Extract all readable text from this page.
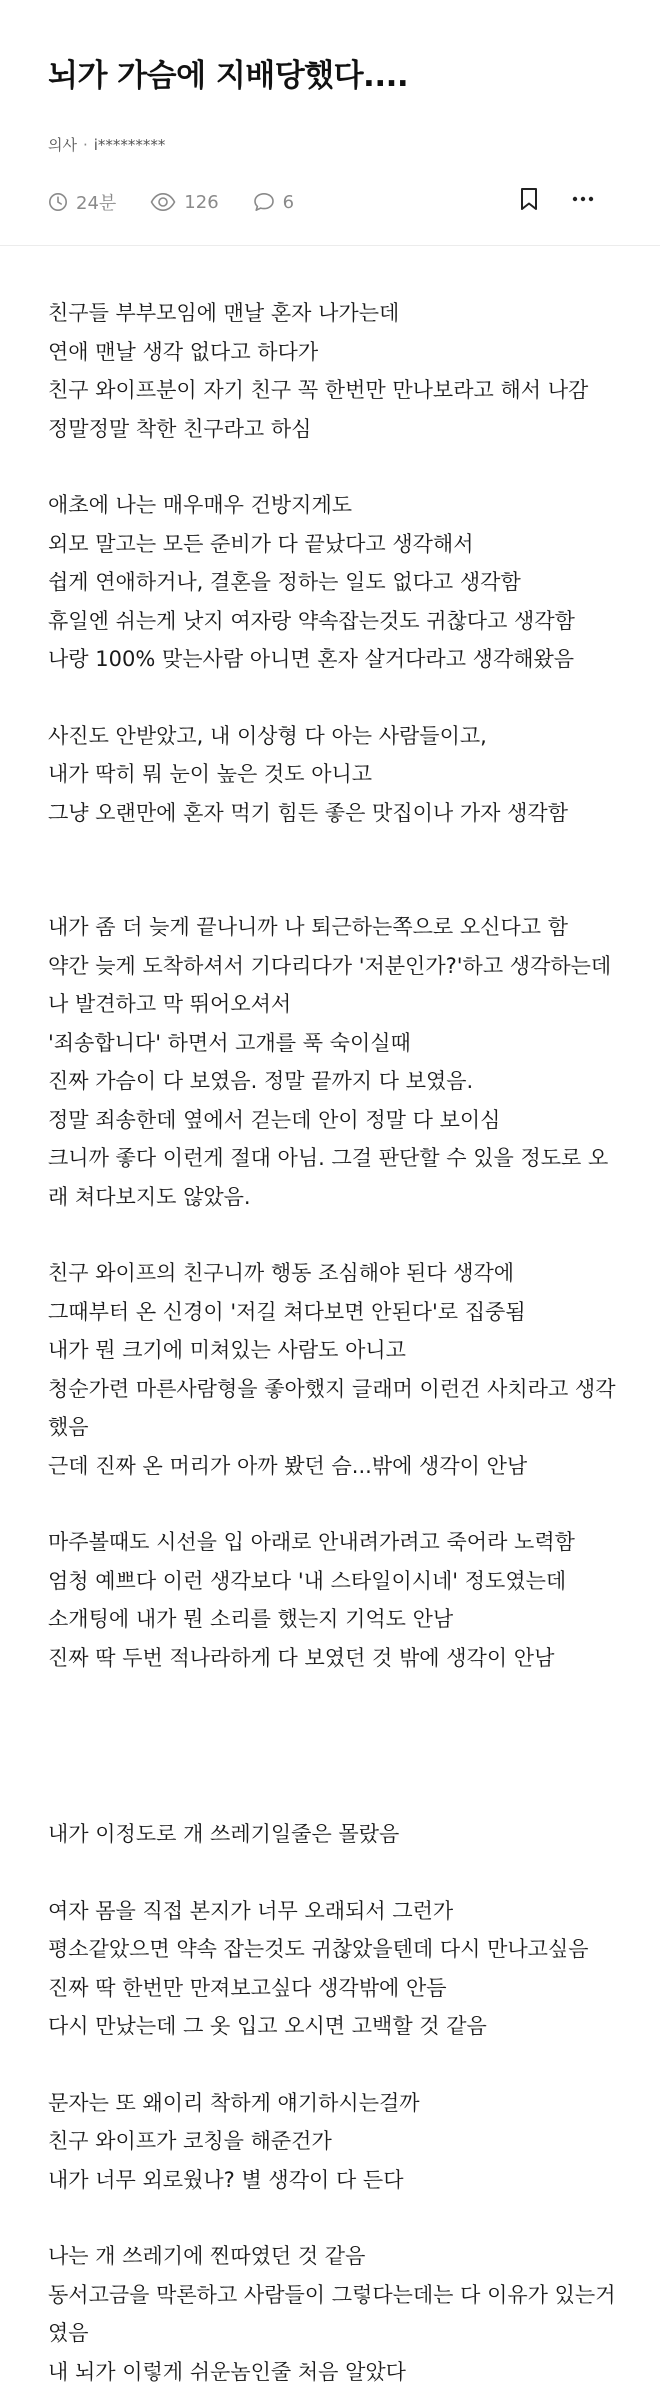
뇌가 가슴에 지배당했다....
의사 · i*********
24분	126	6
친구들 부부모임에 맨날 혼자 나가는데
연애 맨날 생각 없다고 하다가
친구 와이프분이 자기 친구 꼭 한번만 만나보라고 해서 나감
정말정말 착한 친구라고 하심
애초에 나는 매우매우 건방지게도
외모 말고는 모든 준비가 다 끝났다고 생각해서
쉽게 연애하거나, 결혼을 정하는 일도 없다고 생각함
휴일엔 쉬는게 낫지 여자랑 약속잡는것도 귀찮다고 생각함
나랑 100% 맞는사람 아니면 혼자 살거다라고 생각해왔음
사진도 안받았고, 내 이상형 다 아는 사람들이고,
내가 딱히 뭐 눈이 높은 것도 아니고
그냥 오랜만에 혼자 먹기 힘든 좋은 맛집이나 가자 생각함
내가 좀 더 늦게 끝나니까 나 퇴근하는쪽으로 오신다고 함
약간 늦게 도착하셔서 기다리다가 '저분인가?'하고 생각하는데
나 발견하고 막 뛰어오셔서
'죄송합니다' 하면서 고개를 푹 숙이실때
진짜 가슴이 다 보였음. 정말 끝까지 다 보였음.
정말 죄송한데 옆에서 걷는데 안이 정말 다 보이심
크니까 좋다 이런게 절대 아님. 그걸 판단할 수 있을 정도로 오
래 쳐다보지도 않았음.
친구 와이프의 친구니까 행동 조심해야 된다 생각에
그때부터 온 신경이 '저길 쳐다보면 안된다'로 집중됨
내가 뭔 크기에 미쳐있는 사람도 아니고
청순가련 마른사람형을 좋아했지 글래머 이런건 사치라고 생각
했음
근데 진짜 온 머리가 아까 봤던 슴...밖에 생각이 안남
마주볼때도 시선을 입 아래로 안내려가려고 죽어라 노력함
엄청 예쁘다 이런 생각보다 '내 스타일이시네' 정도였는데
소개팅에 내가 뭔 소리를 했는지 기억도 안남
진짜 딱 두번 적나라하게 다 보였던 것 밖에 생각이 안남
내가 이정도로 개 쓰레기일줄은 몰랐음
여자 몸을 직접 본지가 너무 오래되서 그런가
평소같았으면 약속 잡는것도 귀찮았을텐데 다시 만나고싶음
진짜 딱 한번만 만져보고싶다 생각밖에 안듬
다시 만났는데 그 옷 입고 오시면 고백할 것 같음
문자는 또 왜이리 착하게 얘기하시는걸까
친구 와이프가 코칭을 해준건가
내가 너무 외로웠나? 별 생각이 다 든다
나는 개 쓰레기에 찐따였던 것 같음
동서고금을 막론하고 사람들이 그렇다는데는 다 이유가 있는거
였음
내 뇌가 이렇게 쉬운놈인줄 처음 알았다
